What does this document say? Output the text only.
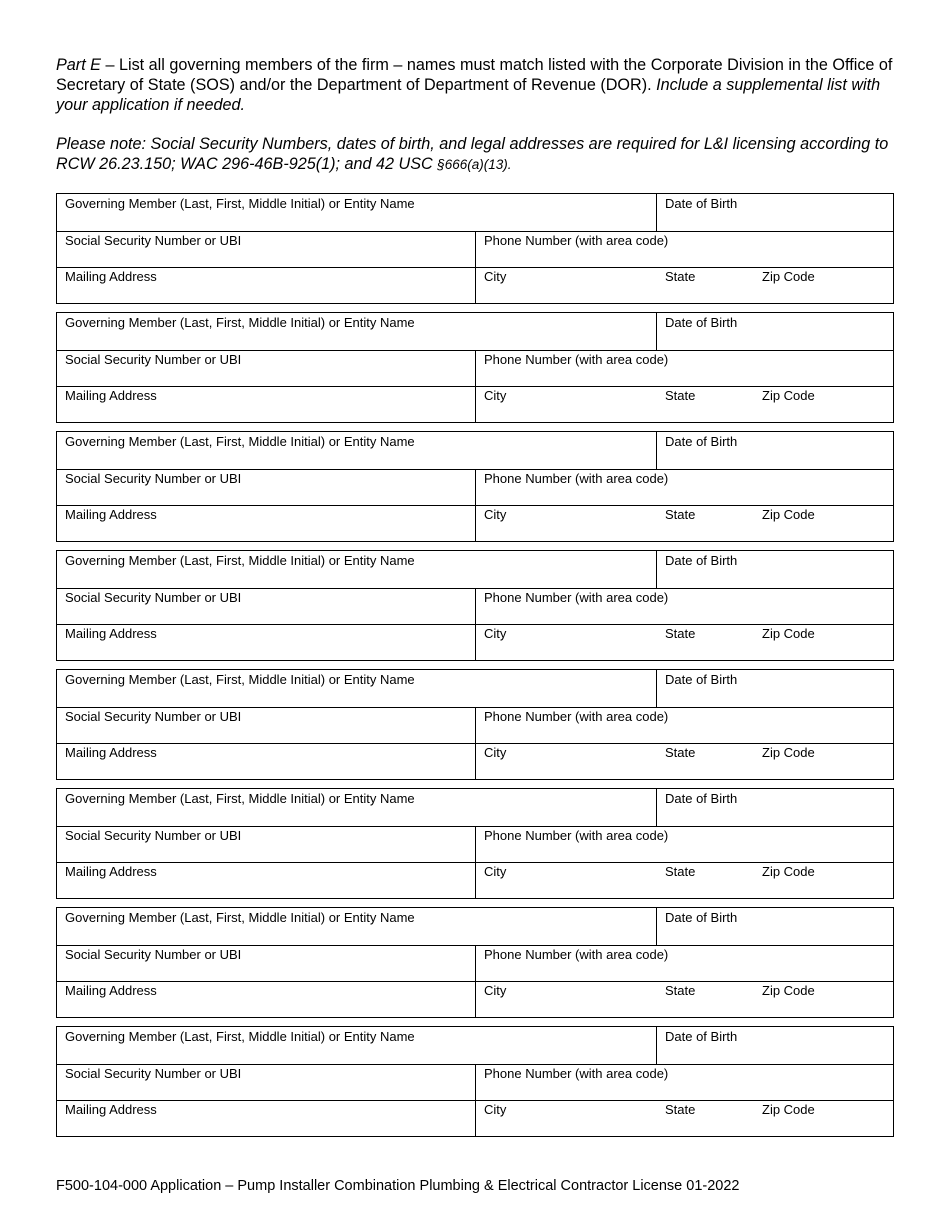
Part E – List all governing members of the firm – names must match listed with the Corporate Division in the Office of Secretary of State (SOS) and/or the Department of Department of Revenue (DOR). Include a supplemental list with your application if needed.

Please note: Social Security Numbers, dates of birth, and legal addresses are required for L&I licensing according to RCW 26.23.150; WAC 296-46B-925(1); and 42 USC §666(a)(13).

Governing Member (Last, First, Middle Initial) or Entity Name	Date of Birth
Social Security Number or UBI	Phone Number (with area code)
Mailing Address	City	State	Zip Code
Governing Member (Last, First, Middle Initial) or Entity Name	Date of Birth
Social Security Number or UBI	Phone Number (with area code)
Mailing Address	City	State	Zip Code
Governing Member (Last, First, Middle Initial) or Entity Name	Date of Birth
Social Security Number or UBI	Phone Number (with area code)
Mailing Address	City	State	Zip Code
Governing Member (Last, First, Middle Initial) or Entity Name	Date of Birth
Social Security Number or UBI	Phone Number (with area code)
Mailing Address	City	State	Zip Code
Governing Member (Last, First, Middle Initial) or Entity Name	Date of Birth
Social Security Number or UBI	Phone Number (with area code)
Mailing Address	City	State	Zip Code
Governing Member (Last, First, Middle Initial) or Entity Name	Date of Birth
Social Security Number or UBI	Phone Number (with area code)
Mailing Address	City	State	Zip Code
Governing Member (Last, First, Middle Initial) or Entity Name	Date of Birth
Social Security Number or UBI	Phone Number (with area code)
Mailing Address	City	State	Zip Code
Governing Member (Last, First, Middle Initial) or Entity Name	Date of Birth
Social Security Number or UBI	Phone Number (with area code)
Mailing Address	City	State	Zip Code
F500-104-000 Application – Pump Installer Combination Plumbing & Electrical Contractor License 01-2022
